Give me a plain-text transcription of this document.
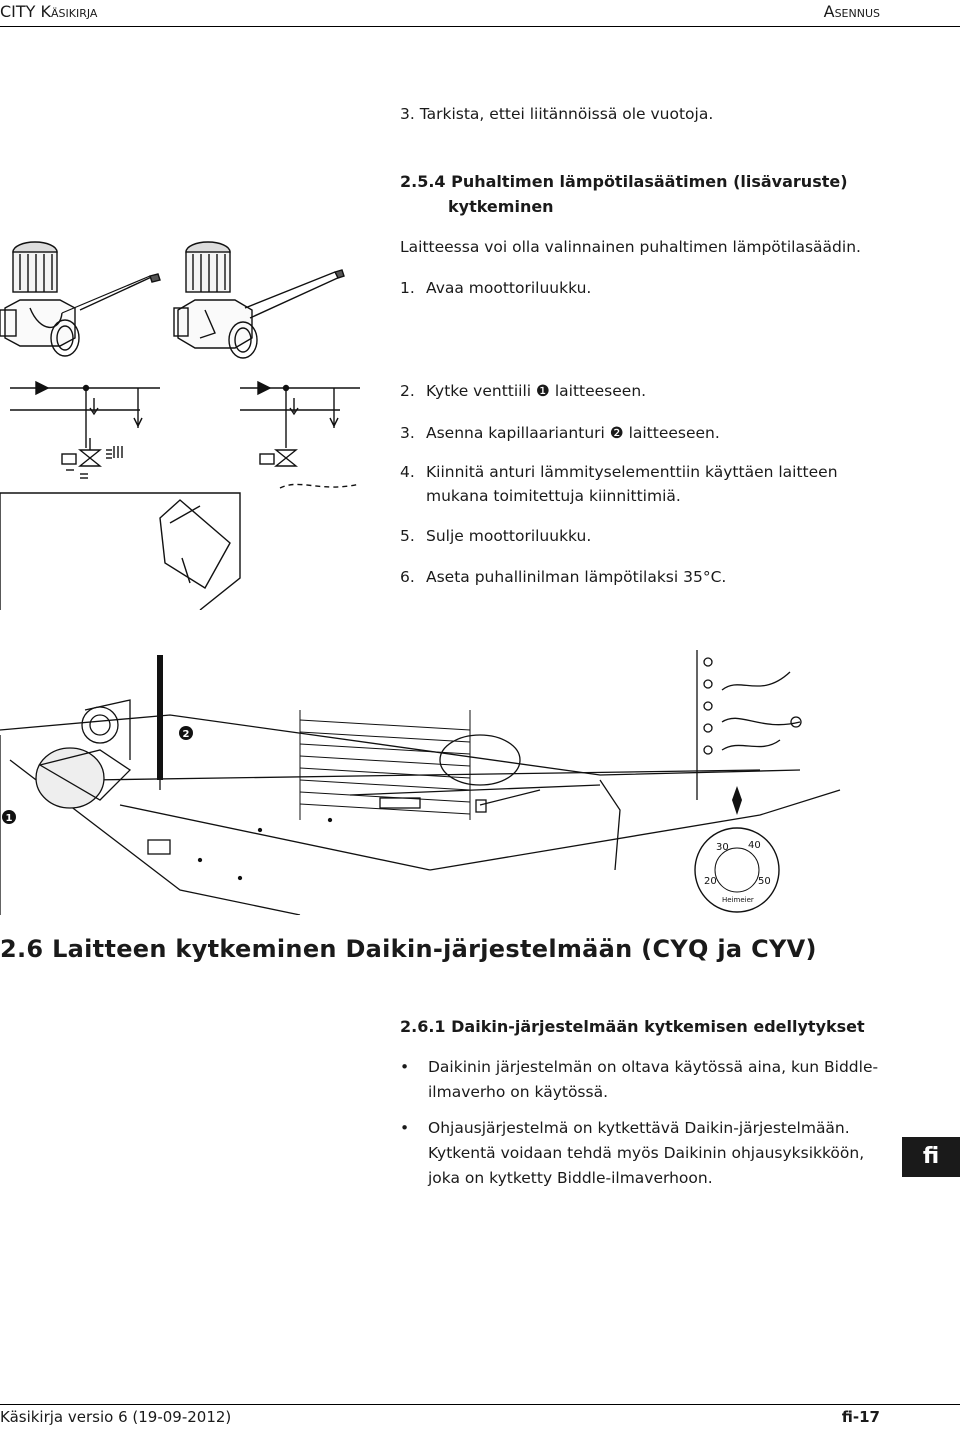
CITY Käsikirja	Asennus
3. Tarkista, ettei liitännöissä ole vuotoja.
2.5.4 Puhaltimen lämpötilasäätimen (lisävaruste)
kytkeminen
Laitteessa voi olla valinnainen puhaltimen lämpötilasäädin.
1. Avaa moottoriluukku.
2. Kytke venttiili ❶ laitteeseen.
3. Asenna kapillaarianturi ❷ laitteeseen.
4. Kiinnitä anturi lämmityselementtiin käyttäen laitteen
mukana toimitettuja kiinnittimiä.
5. Sulje moottoriluukku.
6. Aseta puhallinilman lämpötilaksi 35°C.
2
1
30 40
20	50
Heimeier
2.6 Laitteen kytkeminen Daikin-järjestelmään (CYQ ja CYV)
2.6.1 Daikin-järjestelmään kytkemisen edellytykset
• Daikinin järjestelmän on oltava käytössä aina, kun Biddle-
ilmaverho on käytössä.
• Ohjausjärjestelmä on kytkettävä Daikin-järjestelmään.
Kytkentä voidaan tehdä myös Daikinin ohjausyksikköön,
joka on kytketty Biddle-ilmaverhoon.
fi
Käsikirja versio 6 (19-09-2012)	fi-17
